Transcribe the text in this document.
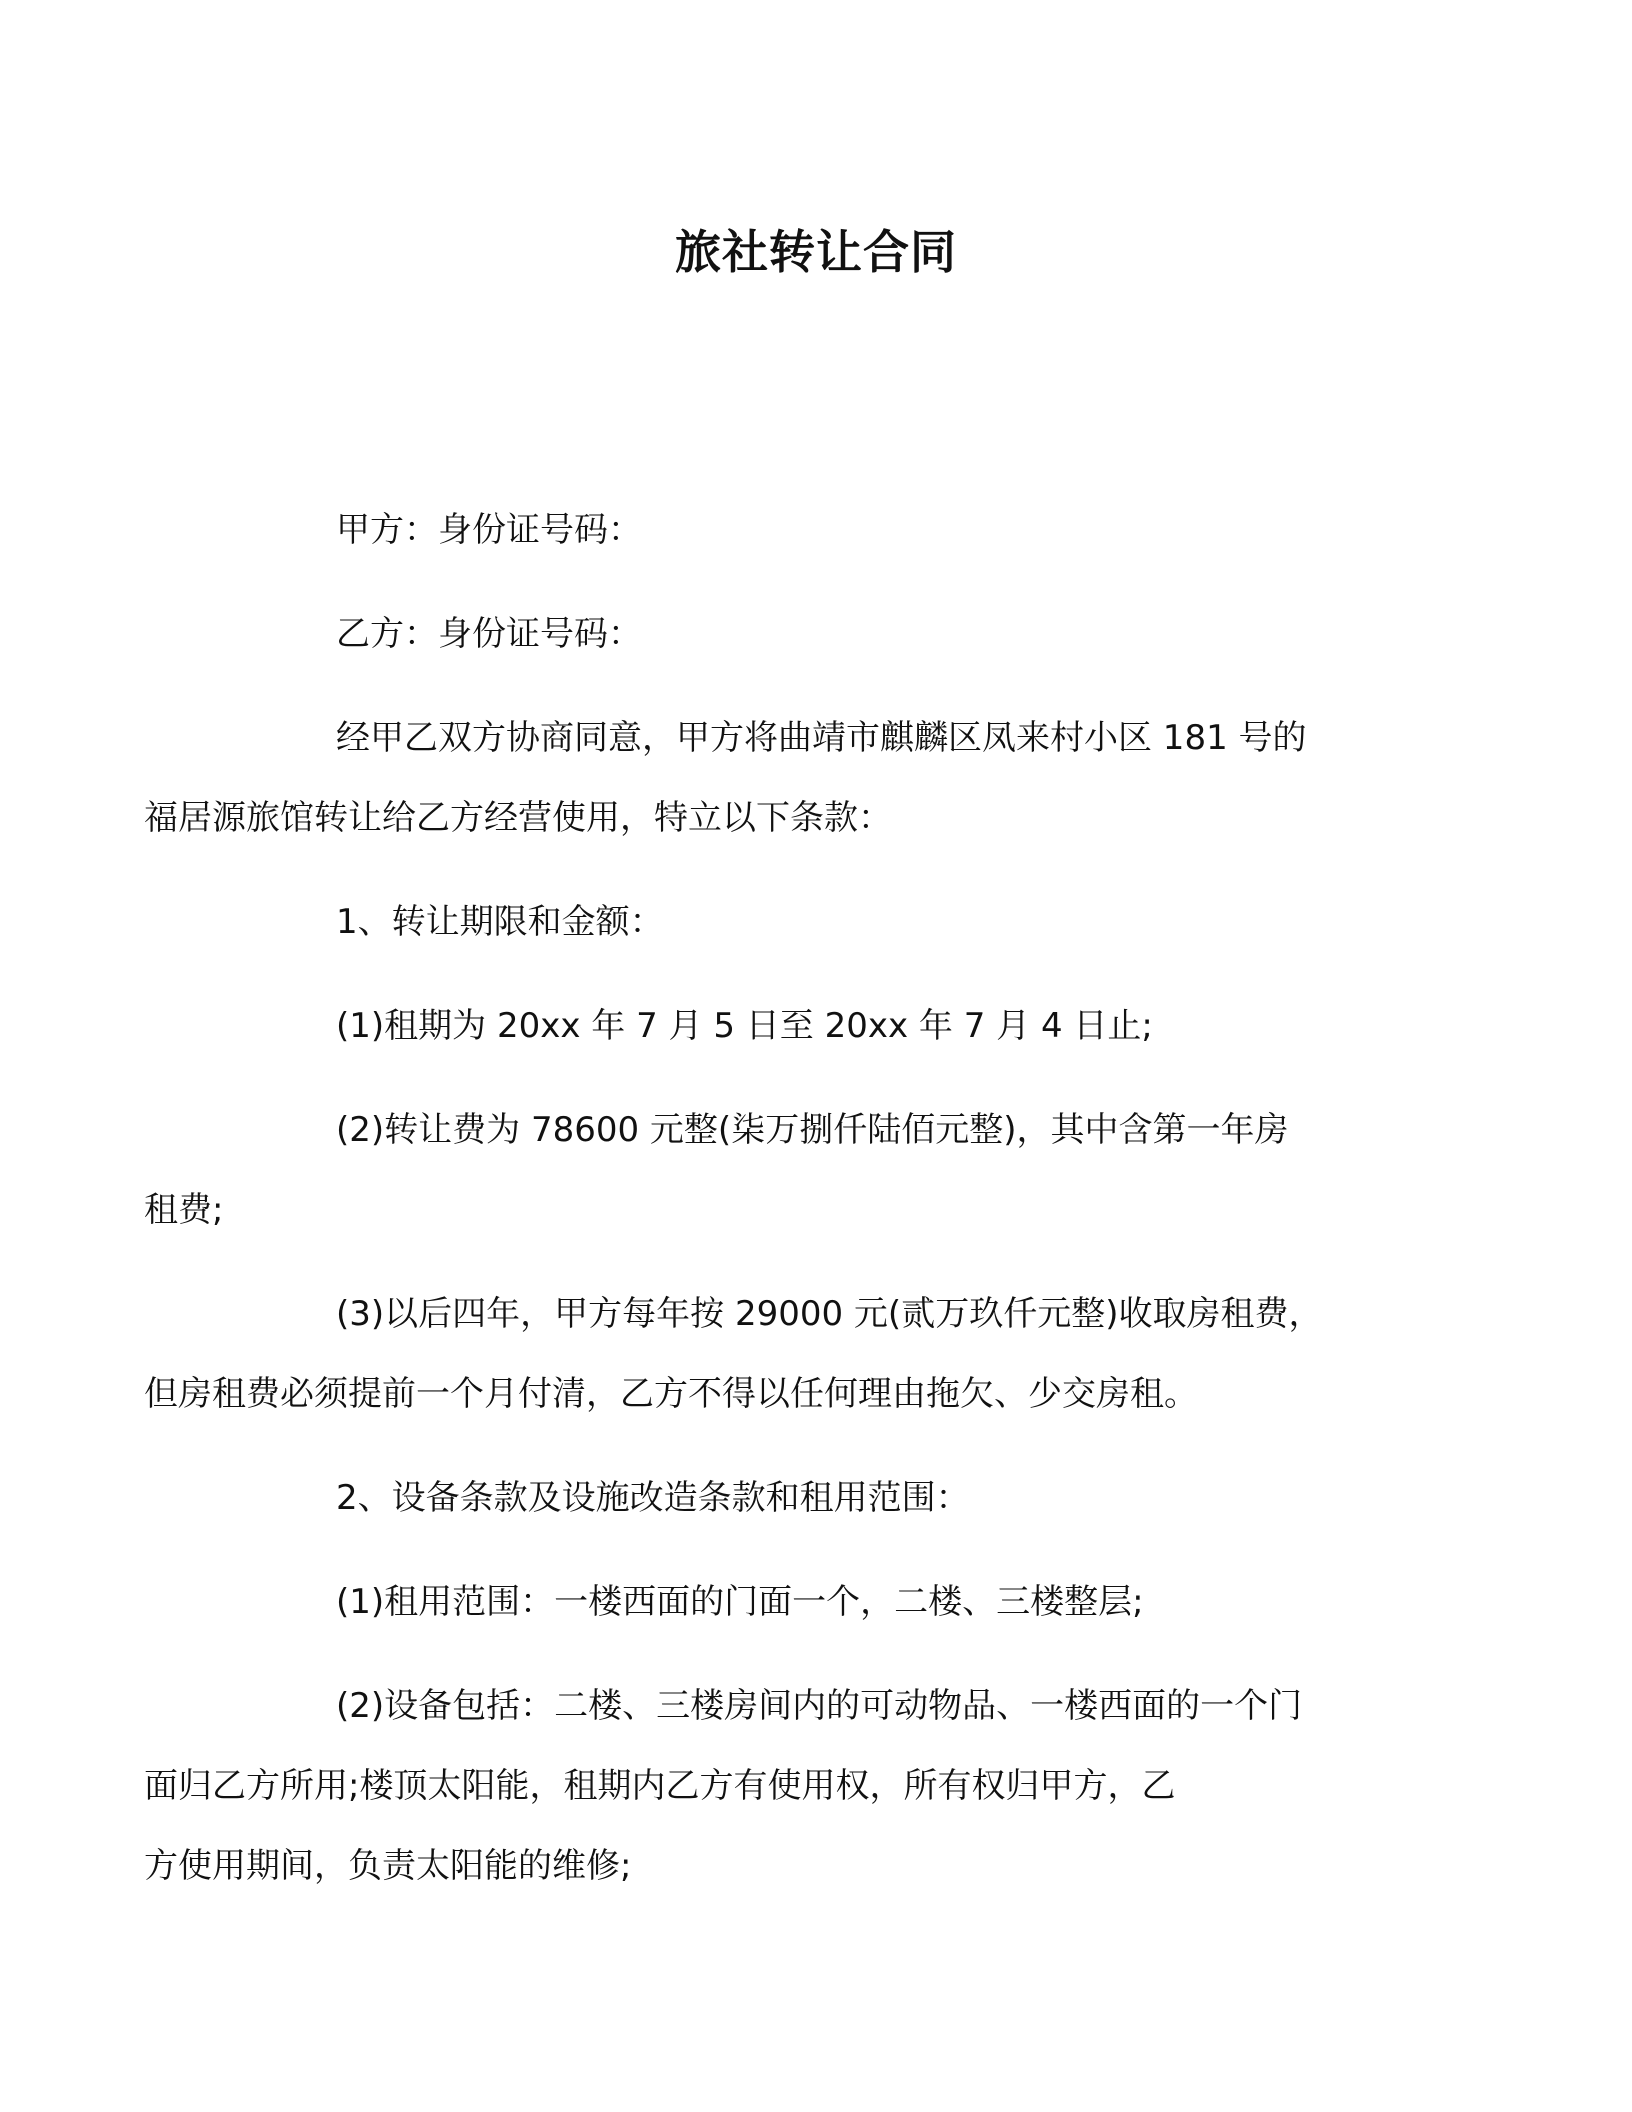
旅社转让合同
甲方：身份证号码：
乙方：身份证号码：
经甲乙双方协商同意，甲方将曲靖市麒麟区凤来村小区 181 号的
福居源旅馆转让给乙方经营使用，特立以下条款：
1、转让期限和金额：
(1)租期为 20xx 年 7 月 5 日至 20xx 年 7 月 4 日止;
(2)转让费为 78600 元整(柒万捌仟陆佰元整)，其中含第一年房
租费;
(3)以后四年，甲方每年按 29000 元(贰万玖仟元整)收取房租费，
但房租费必须提前一个月付清，乙方不得以任何理由拖欠、少交房租。
2、设备条款及设施改造条款和租用范围：
(1)租用范围：一楼西面的门面一个，二楼、三楼整层;
(2)设备包括：二楼、三楼房间内的可动物品、一楼西面的一个门
面归乙方所用;楼顶太阳能，租期内乙方有使用权，所有权归甲方，乙
方使用期间，负责太阳能的维修;
